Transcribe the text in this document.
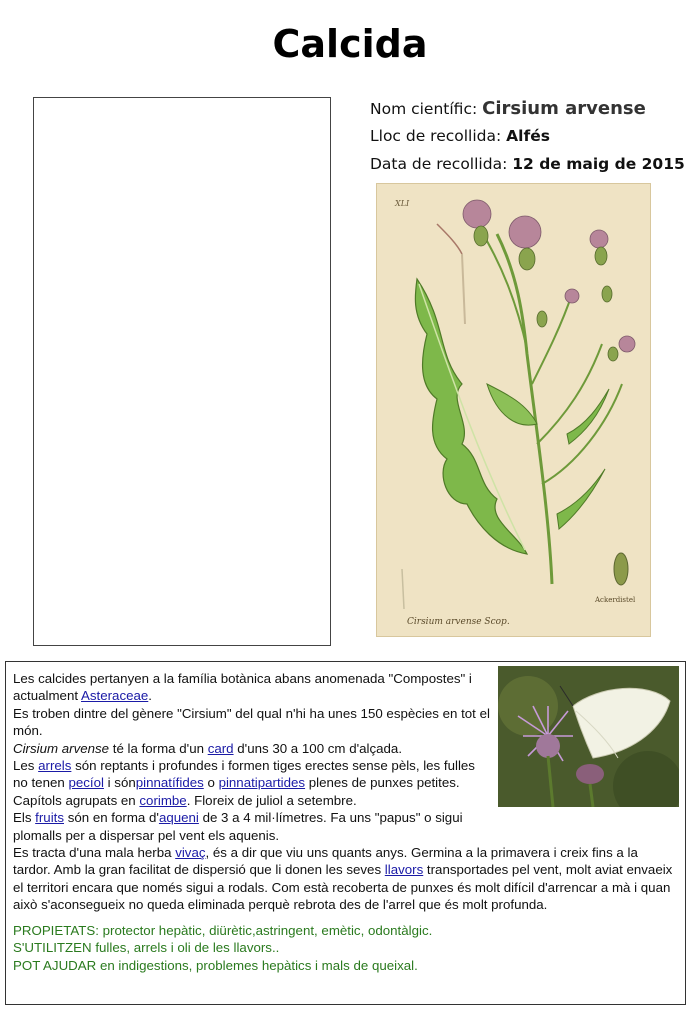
Calcida
Nom científic: Cirsium arvense
Lloc de recollida: Alfés
Data de recollida: 12 de maig de 2015
XLI
Cirsium arvense Scop.
Ackerdistel

Les calcides pertanyen a la família botànica abans anomenada "Compostes" i actualment Asteraceae.

Es troben dintre del gènere "Cirsium" del qual n'hi ha unes 150 espècies en tot el món.

Cirsium arvense té la forma d'un card d'uns 30 a 100 cm d'alçada.

Les arrels són reptants i profundes i formen tiges erectes sense pèls, les fulles no tenen pecíol i sónpinnatífides o pinnatipartides plenes de punxes petites. Capítols agrupats en corimbe. Floreix de juliol a setembre.

Els fruits són en forma d'aqueni de 3 a 4 mil·límetres. Fa uns "papus" o sigui plomalls per a dispersar pel vent els aquenis.

Es tracta d'una mala herba vivaç, és a dir que viu uns quants anys. Germina a la primavera i creix fins a la tardor. Amb la gran facilitat de dispersió que li donen les seves llavors transportades pel vent, molt aviat envaeix el territori encara que només sigui a rodals. Com està recoberta de punxes és molt difícil d'arrencar a mà i quan això s'aconsegueix no queda eliminada perquè rebrota des de l'arrel que és molt profunda.

PROPIETATS: protector hepàtic, diürètic,astringent, emètic, odontàlgic.

S'UTILITZEN fulles, arrels i oli de les llavors..

POT AJUDAR en indigestions, problemes hepàtics i mals de queixal.
